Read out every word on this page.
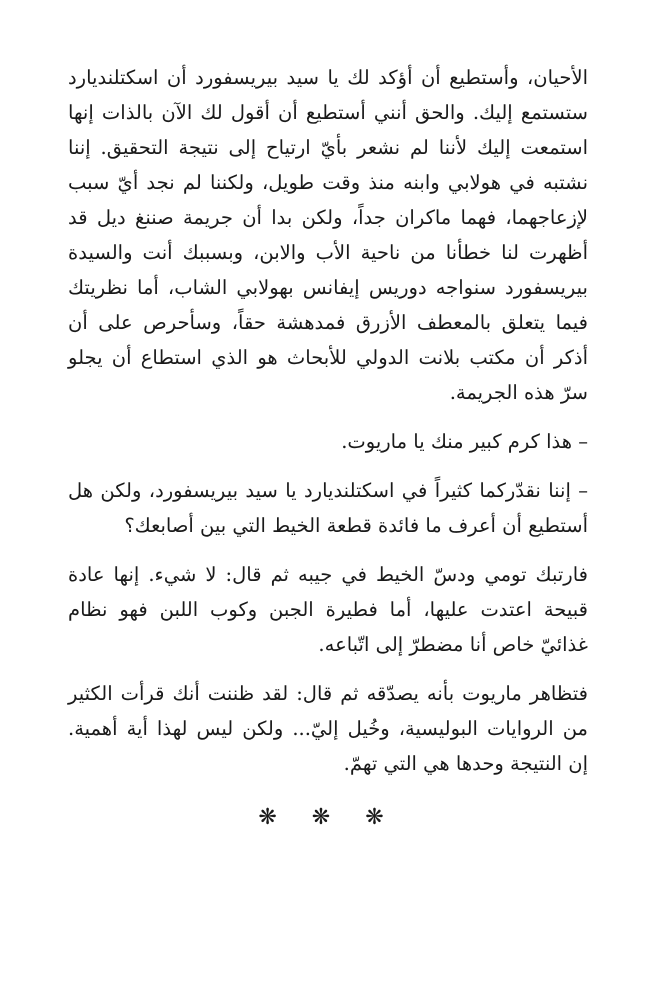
الأحيان، وأستطيع أن أؤكد لك يا سيد بيريسفورد أن اسكتلنديارد ستستمع إليك. والحق أنني أستطيع أن أقول لك الآن بالذات إنها استمعت إليك لأننا لم نشعر بأيّ ارتياح إلى نتيجة التحقيق. إننا نشتبه في هولابي وابنه منذ وقت طويل، ولكننا لم نجد أيّ سبب لإزعاجهما، فهما ماكران جداً، ولكن بدا أن جريمة صننغ ديل قد أظهرت لنا خطأنا من ناحية الأب والابن، وبسببك أنت والسيدة بيريسفورد سنواجه دوريس إيفانس بهولابي الشاب، أما نظريتك فيما يتعلق بالمعطف الأزرق فمدهشة حقاً، وسأحرص على أن أذكر أن مكتب بلانت الدولي للأبحاث هو الذي استطاع أن يجلو سرّ هذه الجريمة.

– هذا كرم كبير منك يا ماريوت.

– إننا نقدّركما كثيراً في اسكتلنديارد يا سيد بيريسفورد، ولكن هل أستطيع أن أعرف ما فائدة قطعة الخيط التي بين أصابعك؟

فارتبك تومي ودسّ الخيط في جيبه ثم قال: لا شيء. إنها عادة قبيحة اعتدت عليها، أما فطيرة الجبن وكوب اللبن فهو نظام غذائيّ خاص أنا مضطرّ إلى اتّباعه.

فتظاهر ماريوت بأنه يصدّقه ثم قال: لقد ظننت أنك قرأت الكثير من الروايات البوليسية، وخُيل إليّ... ولكن ليس لهذا أية أهمية. إن النتيجة وحدها هي التي تهمّ.

❋ ❋ ❋
